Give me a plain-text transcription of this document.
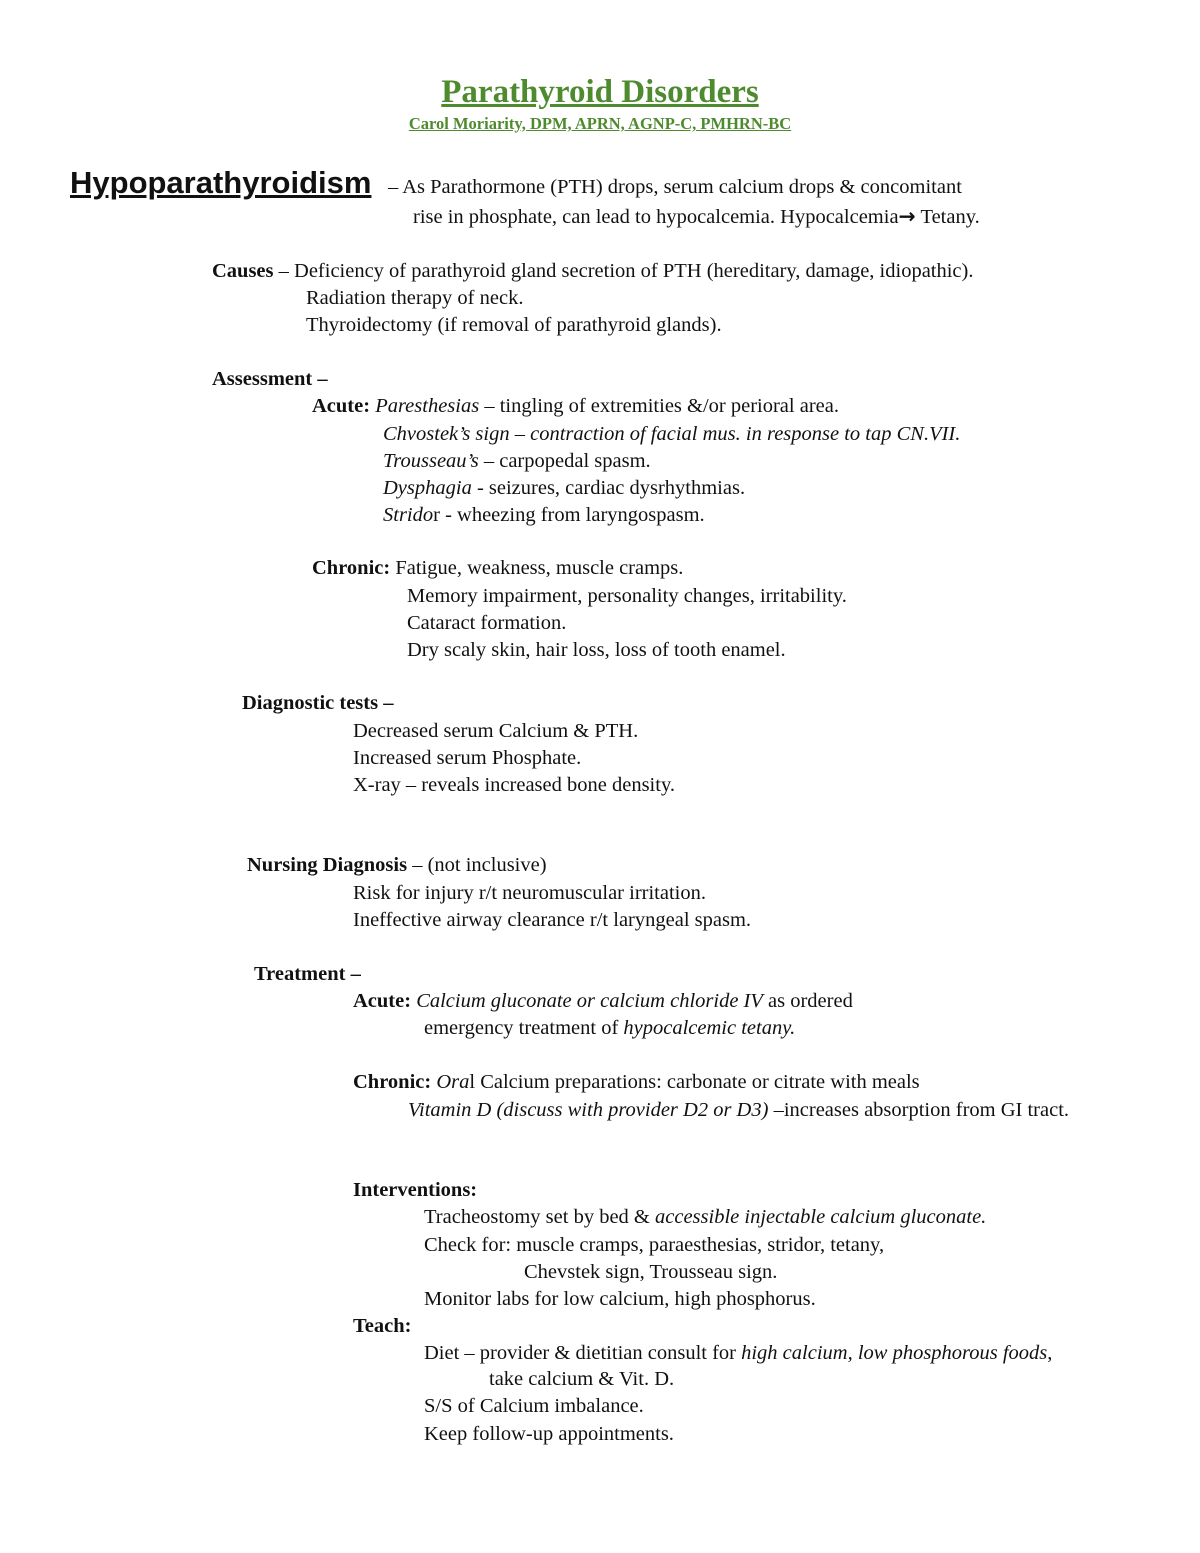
Parathyroid Disorders
Carol Moriarity, DPM, APRN, AGNP-C, PMHRN-BC
Hypoparathyroidism – As Parathormone (PTH) drops, serum calcium drops & concomitant
rise in phosphate, can lead to hypocalcemia. Hypocalcemia→ Tetany.
Causes – Deficiency of parathyroid gland secretion of PTH (hereditary, damage, idiopathic).
Radiation therapy of neck.
Thyroidectomy (if removal of parathyroid glands).
Assessment –
Acute: Paresthesias – tingling of extremities &/or perioral area.
Chvostek’s sign – contraction of facial mus. in response to tap CN.VII.
Trousseau’s – carpopedal spasm.
Dysphagia - seizures, cardiac dysrhythmias.
Stridor - wheezing from laryngospasm.
Chronic: Fatigue, weakness, muscle cramps.
Memory impairment, personality changes, irritability.
Cataract formation.
Dry scaly skin, hair loss, loss of tooth enamel.
Diagnostic tests –
Decreased serum Calcium & PTH.
Increased serum Phosphate.
X-ray – reveals increased bone density.
Nursing Diagnosis – (not inclusive)
Risk for injury r/t neuromuscular irritation.
Ineffective airway clearance r/t laryngeal spasm.
Treatment –
Acute: Calcium gluconate or calcium chloride IV as ordered
emergency treatment of hypocalcemic tetany.
Chronic: Oral Calcium preparations: carbonate or citrate with meals
Vitamin D (discuss with provider D2 or D3) –increases absorption from GI tract.
Interventions:
Tracheostomy set by bed & accessible injectable calcium gluconate.
Check for: muscle cramps, paraesthesias, stridor, tetany,
Chevstek sign, Trousseau sign.
Monitor labs for low calcium, high phosphorus.
Teach:
Diet – provider & dietitian consult for high calcium, low phosphorous foods,
take calcium & Vit. D.
S/S of Calcium imbalance.
Keep follow-up appointments.
